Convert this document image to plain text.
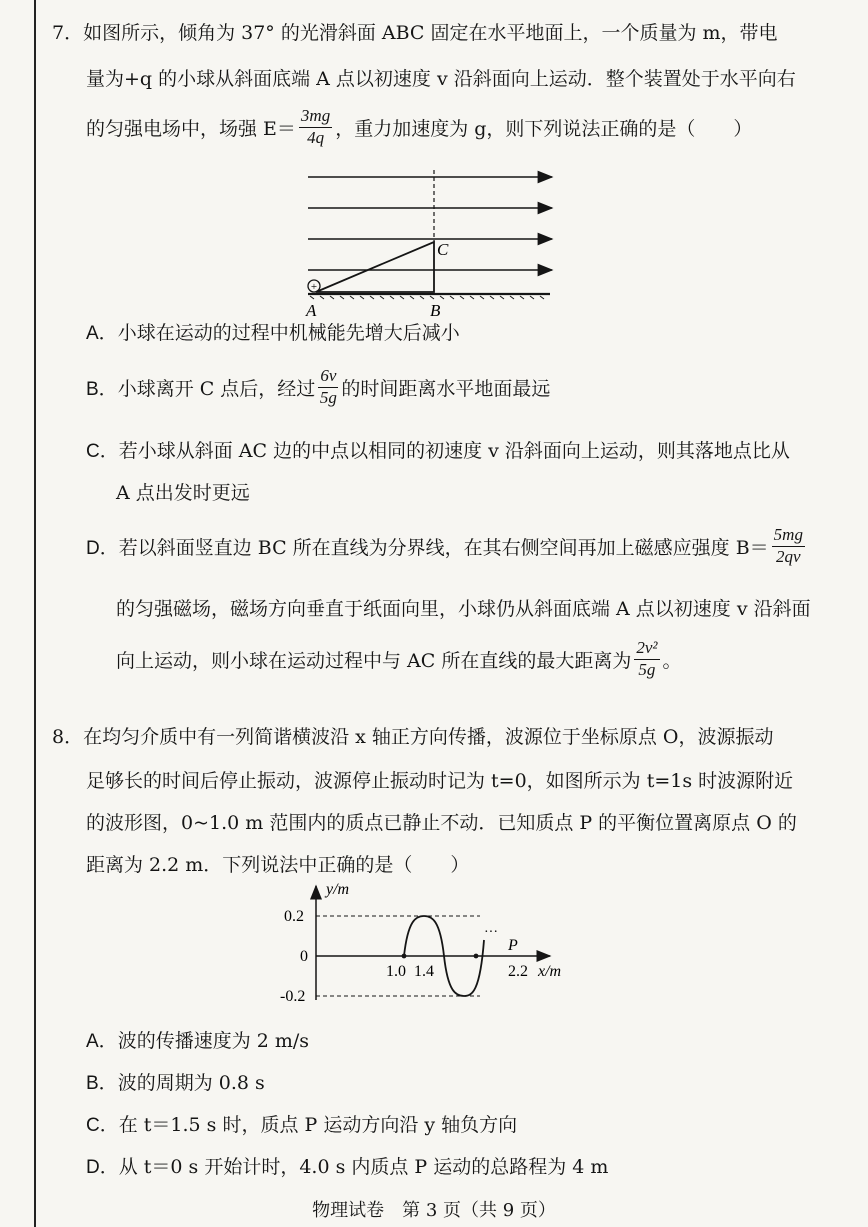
7．如图所示，倾角为 37° 的光滑斜面 ABC 固定在水平地面上，一个质量为 m，带电
量为+q 的小球从斜面底端 A 点以初速度 v 沿斜面向上运动．整个装置处于水平向右
的匀强电场中，场强 $E= \frac{3mg}{4q}$ ，重力加速度为 g，则下列说法正确的是（　　）
+
A	B
C
A．小球在运动的过程中机械能先增大后减小
B． 小球离开 C 点后，经过 $\frac{6v}{5g}$ 的时间距离水平地面最远
C．若小球从斜面 AC 边的中点以相同的初速度 v 沿斜面向上运动，则其落地点比从
A 点出发时更远
D． 若以斜面竖直边 BC 所在直线为分界线，在其右侧空间再加上磁感应强度 $B= \frac{5mg}{2qv}$
的匀强磁场，磁场方向垂直于纸面向里，小球仍从斜面底端 A 点以初速度 v 沿斜面
向上运动，则小球在运动过程中与 AC 所在直线的最大距离为 $\frac{\text{2v²}}{5g}$ 。
8．在均匀介质中有一列简谐横波沿 x 轴正方向传播，波源位于坐标原点 O，波源振动
足够长的时间后停止振动，波源停止振动时记为 t=0，如图所示为 t=1s 时波源附近
的波形图，0~1.0 m 范围内的质点已静止不动．已知质点 P 的平衡位置离原点 O 的
距离为 2.2 m．下列说法中正确的是（　　）
···
y/m
x/m
0.2
0
-0.2
1.0 1.4	2.2
P
A．波的传播速度为 2 m/s
B．波的周期为 0.8 s
C．在 t＝1.5 s 时，质点 P 运动方向沿 y 轴负方向
D．从 t＝0 s 开始计时，4.0 s 内质点 P 运动的总路程为 4 m
物理试卷　第 3 页（共 9 页）
